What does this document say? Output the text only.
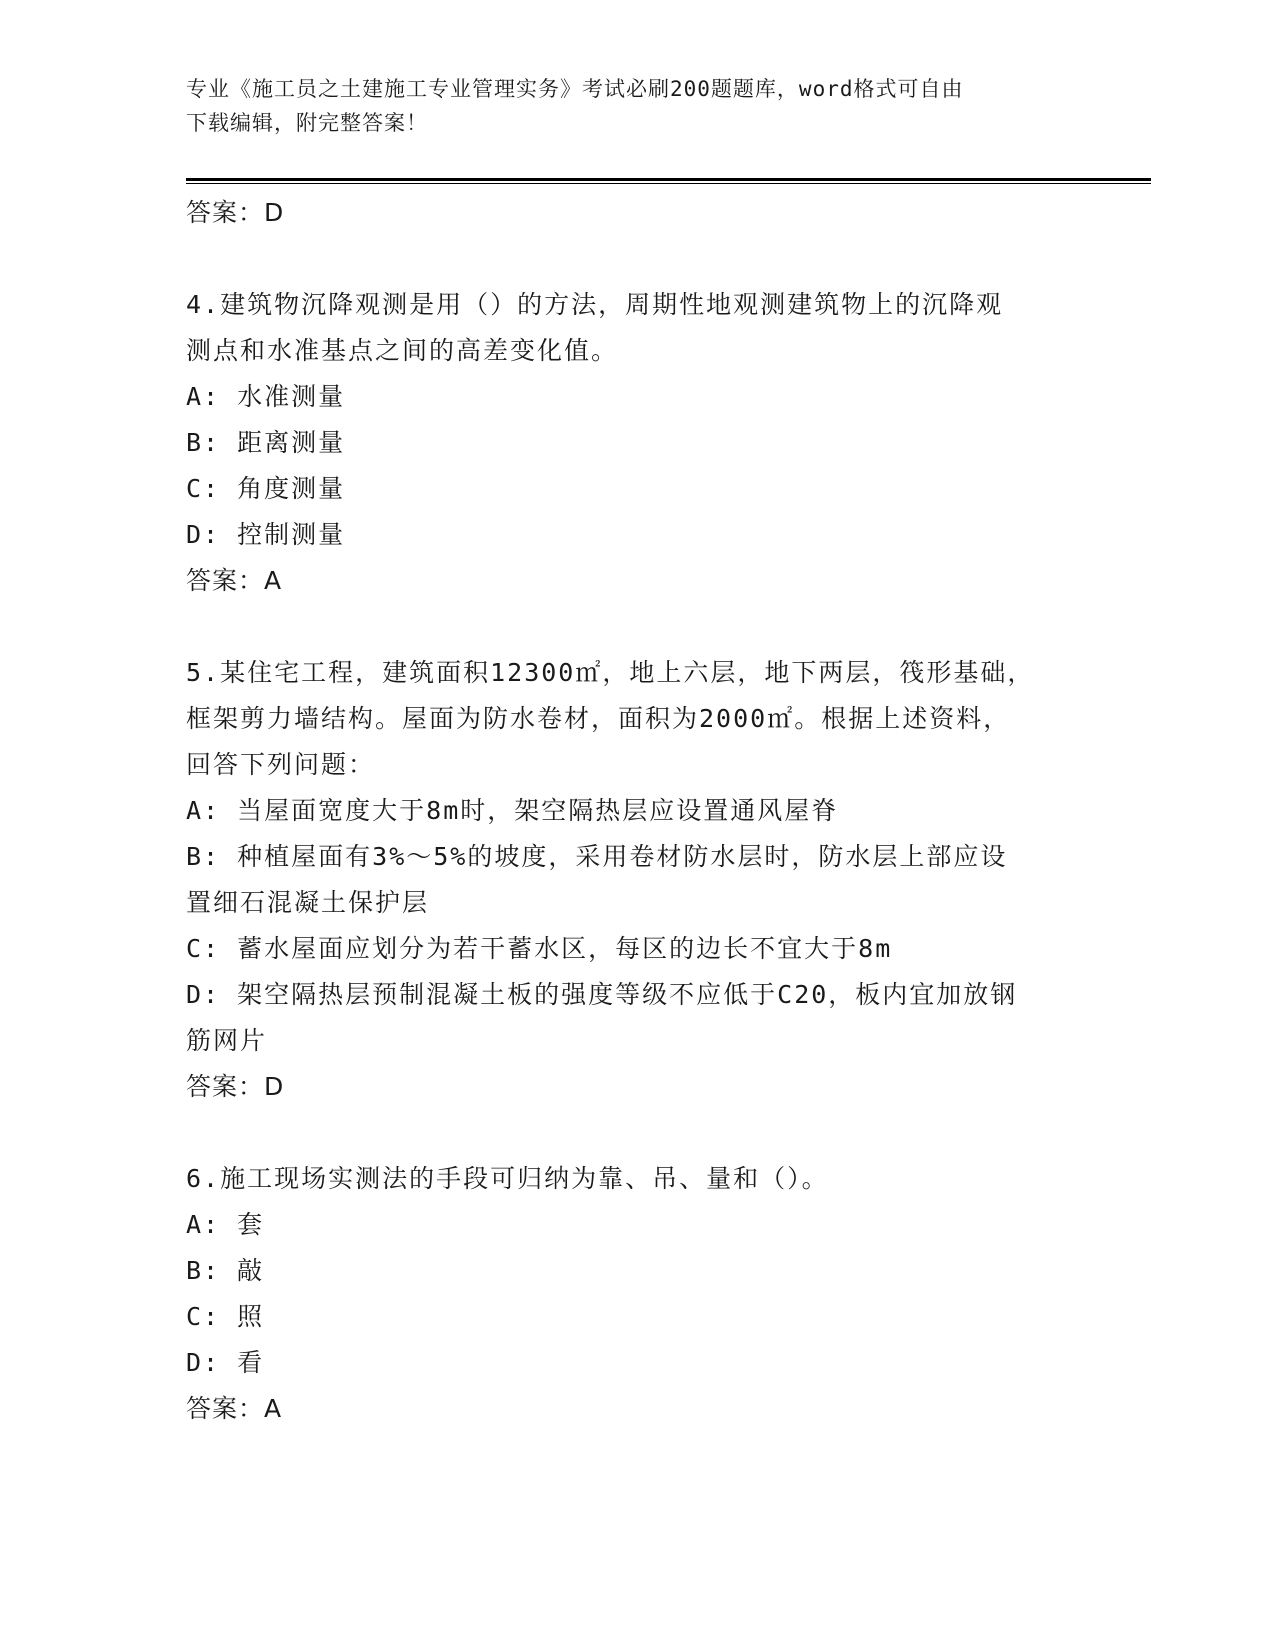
专业《施工员之土建施工专业管理实务》考试必刷200题题库，word格式可自由
下载编辑，附完整答案！
答案：D
4.建筑物沉降观测是用（）的方法，周期性地观测建筑物上的沉降观
测点和水准基点之间的高差变化值。
A: 水准测量
B: 距离测量
C: 角度测量
D: 控制测量
答案：A
5.某住宅工程，建筑面积12300㎡，地上六层，地下两层，筏形基础，
框架剪力墙结构。屋面为防水卷材，面积为2000㎡。根据上述资料，
回答下列问题：
A: 当屋面宽度大于8m时，架空隔热层应设置通风屋脊
B: 种植屋面有3%～5%的坡度，采用卷材防水层时，防水层上部应设
置细石混凝土保护层
C: 蓄水屋面应划分为若干蓄水区，每区的边长不宜大于8m
D: 架空隔热层预制混凝土板的强度等级不应低于C20，板内宜加放钢
筋网片
答案：D
6.施工现场实测法的手段可归纳为靠、吊、量和（）。
A: 套
B: 敲
C: 照
D: 看
答案：A
